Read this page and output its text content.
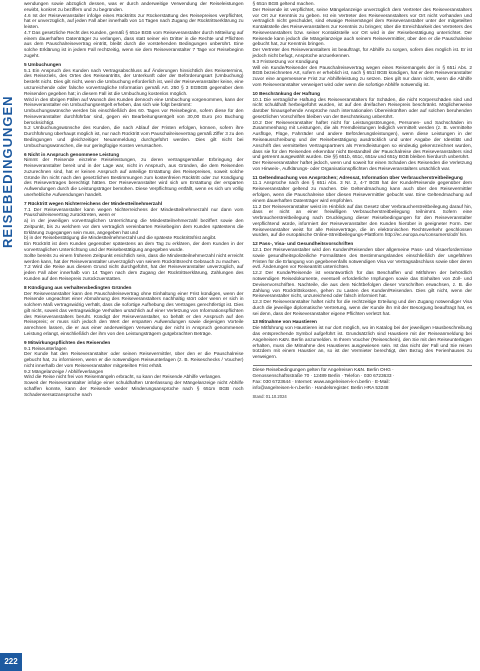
REISEBEDINGUNGEN

wendungen sowie abzüglich dessen, was er durch anderweitige Verwendung der Reiseleistungen erwirbt, konkret zu beziffern und zu begründen.

4.6 Ist der Reiseveranstalter infolge eines Rücktritts zur Rückerstattung des Reisepreises verpflichtet, hat er unverzüglich, auf jeden Fall aber innerhalb von 14 Tagen nach Zugang der Rücktrittserklärung zu leisten.

4.7 Das gesetzliche Recht des Kunden, gemäß § 651e BGB vom Reiseveranstalter durch Mitteilung auf einem dauerhaften Datenträger zu verlangen, dass statt seiner ein Dritter in die Rechte und Pflichten aus dem Pauschalreisevertrag eintritt, bleibt durch die vorstehenden Bedingungen unberührt. Eine solche Erklärung ist in jedem Fall rechtzeitig, wenn sie dem Reiseveranstalter 7 Tage vor Reisebeginn zugeht.

5 Umbuchungen

5.1 Ein Anspruch des Kunden nach Vertragsabschluss auf Änderungen hinsichtlich des Reisetermins, des Reiseziels, des Ortes des Reiseantritts, der Unterkunft oder der Beförderungsart (Umbuchung) besteht nicht. Dies gilt nicht, wenn die Umbuchung erforderlich ist, weil der Reiseveranstalter keine, eine unzureichende oder falsche vorvertragliche Information gemäß Art. 250 § 3 EGBGB gegenüber dem Reisenden gegeben hat; in diesem Fall ist die Umbuchung kostenlos möglich.

Wird in den übrigen Fällen auf Wunsch des Kunden dennoch eine Umbuchung vorgenommen, kann der Reiseveranstalter ein Umbuchungsentgelt erheben, das sich wie folgt bestimmt:

Umbuchungswünsche werden bis einschließlich des 60. Tages vor Reisebeginn, sofern diese für den Reiseveranstalter durchführbar sind, gegen ein Bearbeitungsentgelt von 30,00 Euro pro Buchung berücksichtigt.

5.2 Umbuchungswünsche des Kunden, die nach Ablauf der Fristen erfolgen, können, sofern ihre Durchführung überhaupt möglich ist, nur nach Rücktritt vom Pauschalreisevertrag gemäß Ziffer 3 zu den Bedingungen und gleichzeitiger Neuanmeldung durchgeführt werden. Dies gilt nicht bei Umbuchungswünschen, die nur geringfügige Kosten verursachen.

6 Nicht in Anspruch genommene Leistung

Nimmt der Reisende einzelne Reiseleistungen, zu deren vertragsgemäßer Erbringung der Reiseveranstalter bereit und in der Lage war, nicht in Anspruch, aus Gründen, die dem Reisenden zuzurechnen sind, hat er keinen Anspruch auf anteilige Erstattung des Reisepreises, soweit solche Gründe ihn nicht nach den gesetzlichen Bestimmungen zum kostenfreien Rücktritt oder zur Kündigung des Reisevertrages berechtigt hätten. Der Reiseveranstalter wird sich um Erstattung der ersparten Aufwendungen durch die Leistungsträger bemühen. Diese Verpflichtung entfällt, wenn es sich um völlig unerhebliche Aufwendungen handelt.

7 Rücktritt wegen Nichterreichens der Mindestteilnehmerzahl

7.1 Der Reiseveranstalter kann wegen Nichterreichens der Mindestteilnehmerzahl nur dann vom Pauschalreisevertrag zurücktreten, wenn er

a) in der jeweiligen vorvertraglichen Unterrichtung die Mindestteilnehmerzahl beziffert sowie den Zeitpunkt, bis zu welchem vor dem vertraglich vereinbarten Reisebeginn dem Kunden spätestens die Erklärung zugegangen sein muss, angegeben hat und

b) in der Reisebestätigung die Mindestteilnehmerzahl und die späteste Rücktrittsfrist angibt.

Ein Rücktritt ist dem Kunden gegenüber spätestens an dem Tag zu erklären, der dem Kunden in der vorvertraglichen Unterrichtung und der Reisebestätigung angegeben wurde.

Sollte bereits zu einem früheren Zeitpunkt ersichtlich sein, dass die Mindestteilnehmerzahl nicht erreicht werden kann, hat der Reiseveranstalter unverzüglich von seinem Rücktrittsrecht Gebrauch zu machen.

7.2 Wird die Reise aus diesem Grund nicht durchgeführt, hat der Reiseveranstalter unverzüglich, auf jeden Fall aber innerhalb von 14 Tagen nach dem Zugang der Rücktrittserklärung, Zahlungen des Kunden auf den Reisepreis zurückzuerstatten.

8 Kündigung aus verhaltensbedingten Gründen

Der Reiseveranstalter kann den Pauschalreisevertrag ohne Einhaltung einer Frist kündigen, wenn der Reisende ungeachtet einer Abmahnung des Reiseveranstalters nachhaltig stört oder wenn er sich in solchem Maß vertragswidrig verhält, dass die sofortige Aufhebung des Vertrages gerechtfertigt ist. Dies gilt nicht, soweit das vertragswidrige Verhalten ursächlich auf einer Verletzung von Informationspflichten des Reiseveranstalters beruht. Kündigt der Reiseveranstalter, so behält er den Anspruch auf den Reisepreis; er muss sich jedoch den Wert der ersparten Aufwendungen sowie diejenigen Vorteile anrechnen lassen, die er aus einer anderweitigen Verwendung der nicht in Anspruch genommenen Leistung erlangt, einschließlich der ihm von den Leistungsträgern gutgebrachten Beträge.

9 Mitwirkungspflichten des Reisenden

9.1 Reiseunterlagen

Der Kunde hat den Reiseveranstalter oder seinen Reisevermittler, über den er die Pauschalreise gebucht hat, zu informieren, wenn er die notwendigen Reiseunterlagen (z. B. Reiseschecks / Voucher) nicht innerhalb der vom Reiseveranstalter mitgeteilten Frist erhält.

9.2 Mängelanzeige / Abhilfeverlangen

Wird die Reise nicht frei von Reisemängeln erbracht, so kann der Reisende Abhilfe verlangen.

Soweit der Reiseveranstalter infolge einer schuldhaften Unterlassung der Mängelanzeige nicht Abhilfe schaffen konnte, kann der Reisende weder Minderungsansprüche nach § 651m BGB noch Schadensersatzansprüche nach

§ 651n BGB geltend machen.

Der Reisende ist verpflichtet, seine Mängelanzeige unverzüglich dem Vertreter des Reiseveranstalters vor Ort zur Kenntnis zu geben. Ist ein Vertreter des Reiseveranstalters vor Ort nicht vorhanden und vertraglich nicht geschuldet, sind etwaige Reisemängel dem Reiseveranstalter unter der mitgeteilten Kontaktstelle des Reiseveranstalters zur Kenntnis zu bringen; über die Erreichbarkeit des Vertreters des Reiseveranstalters bzw. seiner Kontaktstelle vor Ort wird in der Reisebestätigung unterrichtet. Der Reisende kann jedoch die Mängelanzeige auch seinem Reisevermittler, über den er die Pauschalreise gebucht hat, zur Kenntnis bringen.

Der Vertreter des Reiseveranstalters ist beauftragt, für Abhilfe zu sorgen, sofern dies möglich ist. Er ist jedoch nicht befugt, Ansprüche anzuerkennen.

9.3 Fristsetzung vor Kündigung

Will ein Kunde/Reisender den Pauschalreisevertrag wegen eines Reisemangels der in § 651i Abs. 2 BGB bezeichneten Art, sofern er erheblich ist, nach § 651l BGB kündigen, hat er dem Reiseveranstalter zuvor eine angemessene Frist zur Abhilfeleistung zu setzen. Dies gilt nur dann nicht, wenn die Abhilfe vom Reiseveranstalter verweigert wird oder wenn die sofortige Abhilfe notwendig ist.

10 Beschränkung der Haftung

10.1 Die vertragliche Haftung des Reiseveranstalters für Schäden, die nicht Körperschäden sind und nicht schuldhaft herbeigeführt wurden, ist auf den dreifachen Reisepreis beschränkt. Möglicherweise darüber hinausgehende Ansprüche nach internationalen Übereinkünften oder auf solchen beruhenden gesetzlichen Vorschriften bleiben von der Beschränkung unberührt.

10.2 Der Reiseveranstalter haftet nicht für Leistungsstörungen, Personen- und Sachschäden im Zusammenhang mit Leistungen, die als Fremdleistungen lediglich vermittelt werden (z. B. vermittelte Ausflüge, Flüge, Fahrräder und andere Beförderungsleistungen), wenn diese Leistungen in der Reiseausschreibung und der Reisebestätigung ausdrücklich und unter Angabe der Identität und Anschrift des vermittelten Vertragspartners als Fremdleistungen so eindeutig gekennzeichnet wurden, dass sie für den Reisenden erkennbar nicht Bestandteil der Pauschalreise des Reiseveranstalters sind und getrennt ausgewählt wurden. Die §§ 651b, 651c, 651w und 651y BGB bleiben hierdurch unberührt.

Der Reiseveranstalter haftet jedoch, wenn und soweit für einen Schaden des Reisenden die Verletzung von Hinweis-, Aufklärungs- oder Organisationspflichten des Reiseveranstalters ursächlich war.

11 Geltendmachung von Ansprüchen; Adressat, Information über Verbraucherstreitbeilegung

11.1 Ansprüche nach den § 651i Abs. 3 Nr. 2, 4-7 BGB hat der Kunde/Reisende gegenüber dem Reiseveranstalter geltend zu machen. Die Geltendmachung kann auch über den Reisevermittler erfolgen, wenn die Pauschalreise über diesen Reisevermittler gebucht war. Eine Geltendmachung auf einem dauerhaften Datenträger wird empfohlen.

11.2 Der Reiseveranstalter weist im Hinblick auf das Gesetz über Verbraucherstreitbeilegung darauf hin, dass er nicht an einer freiwilligen Verbraucherstreitbeilegung teilnimmt. Sofern eine Verbraucherstreitbeilegung nach Drucklegung dieser Reisebedingungen für den Reiseveranstalter verpflichtend würde, informiert der Reiseveranstalter den Kunden hierüber in geeigneter Form. Der Reiseveranstalter weist für alle Reiseverträge, die im elektronischen Rechtsverkehr geschlossen wurden, auf die europäische Online-Streitbeilegungs-Plattform http://ec.europa.eu/consumers/odr/ hin.

12 Pass-, Visa- und Gesundheitsvorschriften

12.1 Der Reiseveranstalter wird den Kunden/Reisenden über allgemeine Pass- und Visaerfordernisse sowie gesundheitspolizeiliche Formalitäten des Bestimmungslandes einschließlich der ungefähren Fristen für die Erlangung von gegebenenfalls notwendigen Visa vor Vertragsabschluss sowie über deren evtl. Änderungen vor Reiseantritt unterrichten.

12.2 Der Kunde/Reisende ist verantwortlich für das Beschaffen und Mitführen der behördlich notwendigen Reisedokumente, eventuell erforderliche Impfungen sowie das Einhalten von Zoll- und Devisenvorschriften. Nachteile, die aus dem Nichtbefolgen dieser Vorschriften erwachsen, z. B. die Zahlung von Rücktrittskosten, gehen zu Lasten des Kunden/Reisenden. Dies gilt nicht, wenn der Reiseveranstalter nicht, unzureichend oder falsch informiert hat.

12.3 Der Reiseveranstalter haftet nicht für die rechtzeitige Erteilung und den Zugang notwendiger Visa durch die jeweilige diplomatische Vertretung, wenn der Kunde ihn mit der Besorgung beauftragt hat, es sei denn, dass der Reiseveranstalter eigene Pflichten verletzt hat.

13 Mitnahme von Haustieren

Die Mitführung von Haustieren ist nur dort möglich, wo im Katalog bei der jeweiligen Hausbeschreibung das entsprechende Symbol aufgeführt ist. Grundsätzlich sind Haustiere mit der Reiseanmeldung bei Angelreisen K&N. Berlin anzumelden. In Ihrem Voucher (Reiseschein), den Sie mit den Reiseunterlagen erhalten, muss die Mitnahme des Haustieres ausgewiesen sein. Ist das nicht der Fall und Sie reisen trotzdem mit einem Haustier an, so ist der Vermieter berechtigt, den Bezug des Ferienhauses zu verweigern.

Diese Reisebedingungen gelten für Angelreisen K&N. Berlin OHG ·
Genossenschaftsstraße 70 · 12489 Berlin · Telefon · 030 6723633 ·
Fax: 030 6723644 · Internet: www.angelreisen-k-n.berlin · E-Mail:
info@angelreisen-k-n.berlin · Handelsregister: Berlin HRA 53248
Stand: 01.10.2024
222
